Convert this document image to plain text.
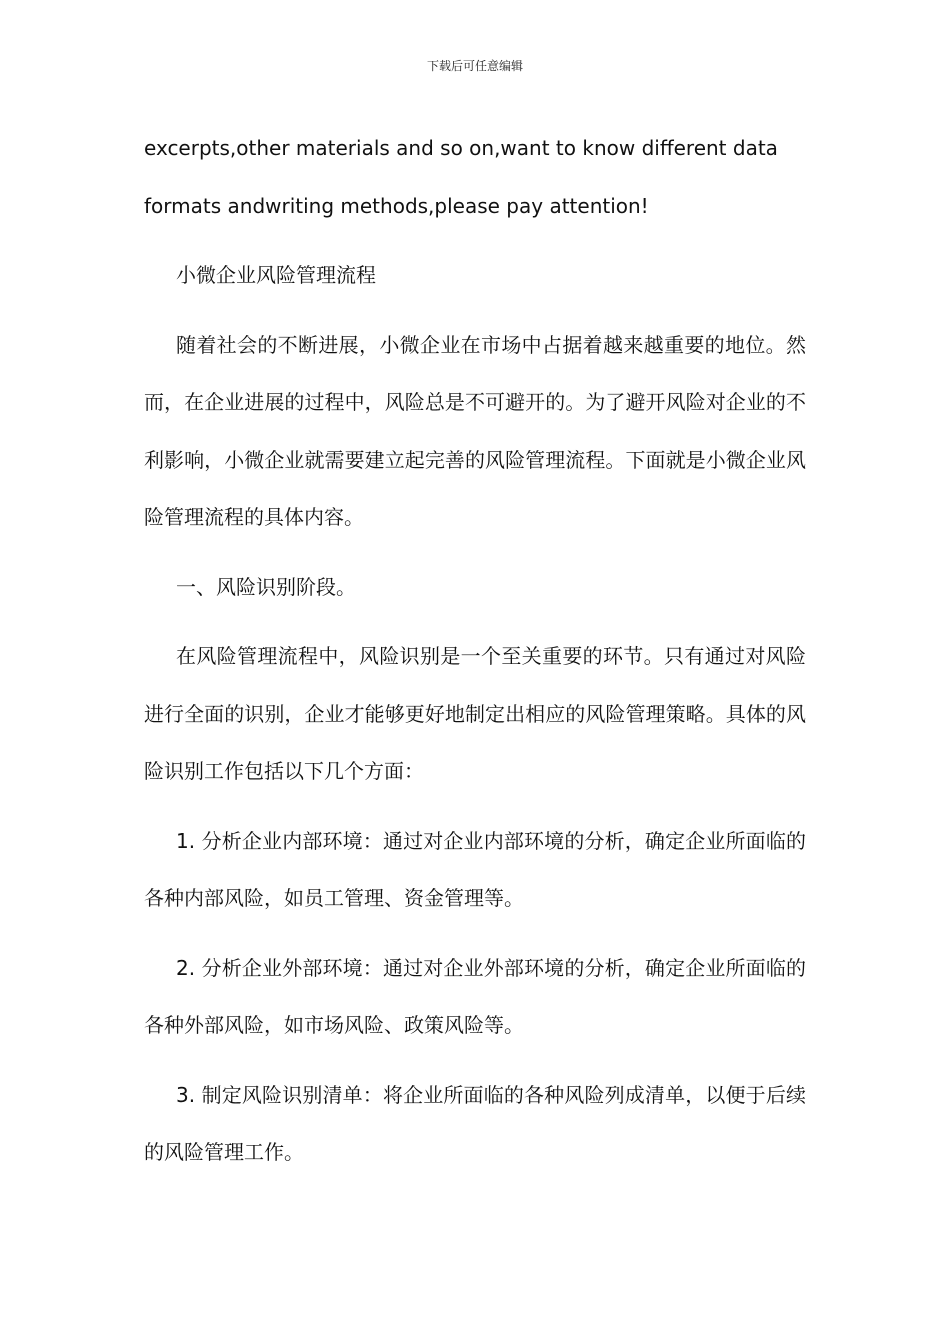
下载后可任意编辑

excerpts,other materials and so on,want to know different data formats andwriting methods,please pay attention!

小微企业风险管理流程

随着社会的不断进展，小微企业在市场中占据着越来越重要的地位。然而，在企业进展的过程中，风险总是不可避开的。为了避开风险对企业的不利影响，小微企业就需要建立起完善的风险管理流程。下面就是小微企业风险管理流程的具体内容。

一、风险识别阶段。

在风险管理流程中，风险识别是一个至关重要的环节。只有通过对风险进行全面的识别，企业才能够更好地制定出相应的风险管理策略。具体的风险识别工作包括以下几个方面：

1. 分析企业内部环境：通过对企业内部环境的分析，确定企业所面临的各种内部风险，如员工管理、资金管理等。

2. 分析企业外部环境：通过对企业外部环境的分析，确定企业所面临的各种外部风险，如市场风险、政策风险等。

3. 制定风险识别清单：将企业所面临的各种风险列成清单，以便于后续的风险管理工作。
